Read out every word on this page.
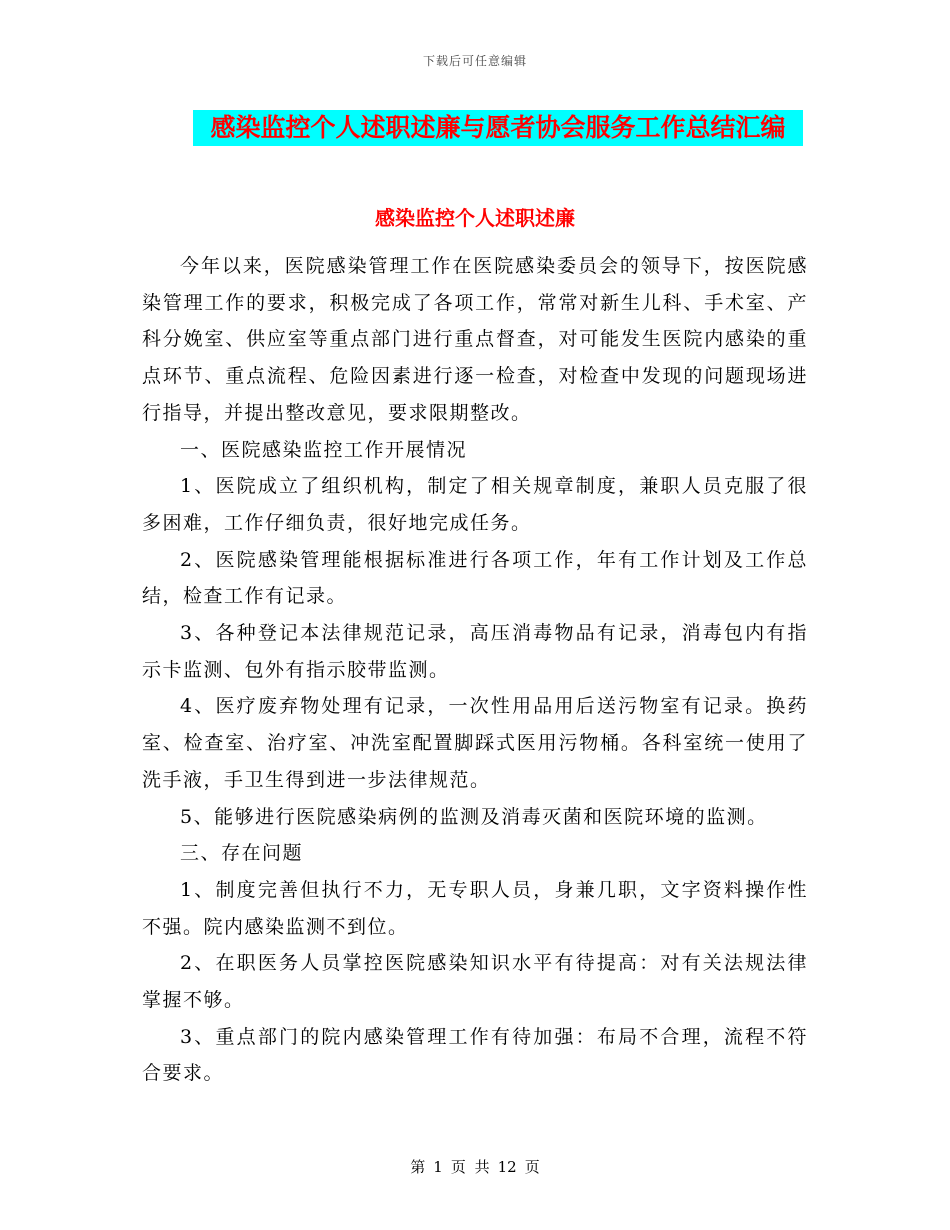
下载后可任意编辑
感染监控个人述职述廉与愿者协会服务工作总结汇编
感染监控个人述职述廉

今年以来，医院感染管理工作在医院感染委员会的领导下，按医院感染管理工作的要求，积极完成了各项工作，常常对新生儿科、手术室、产科分娩室、供应室等重点部门进行重点督查，对可能发生医院内感染的重点环节、重点流程、危险因素进行逐一检查，对检查中发现的问题现场进行指导，并提出整改意见，要求限期整改。

一、医院感染监控工作开展情况

1、医院成立了组织机构，制定了相关规章制度，兼职人员克服了很多困难，工作仔细负责，很好地完成任务。

2、医院感染管理能根据标准进行各项工作，年有工作计划及工作总结，检查工作有记录。

3、各种登记本法律规范记录，高压消毒物品有记录，消毒包内有指示卡监测、包外有指示胶带监测。

4、医疗废弃物处理有记录，一次性用品用后送污物室有记录。换药室、检查室、治疗室、冲洗室配置脚踩式医用污物桶。各科室统一使用了洗手液，手卫生得到进一步法律规范。

5、能够进行医院感染病例的监测及消毒灭菌和医院环境的监测。

三、存在问题

1、制度完善但执行不力，无专职人员，身兼几职，文字资料操作性不强。院内感染监测不到位。

2、在职医务人员掌控医院感染知识水平有待提高：对有关法规法律掌握不够。

3、重点部门的院内感染管理工作有待加强：布局不合理，流程不符合要求。

第 1 页 共 12 页
